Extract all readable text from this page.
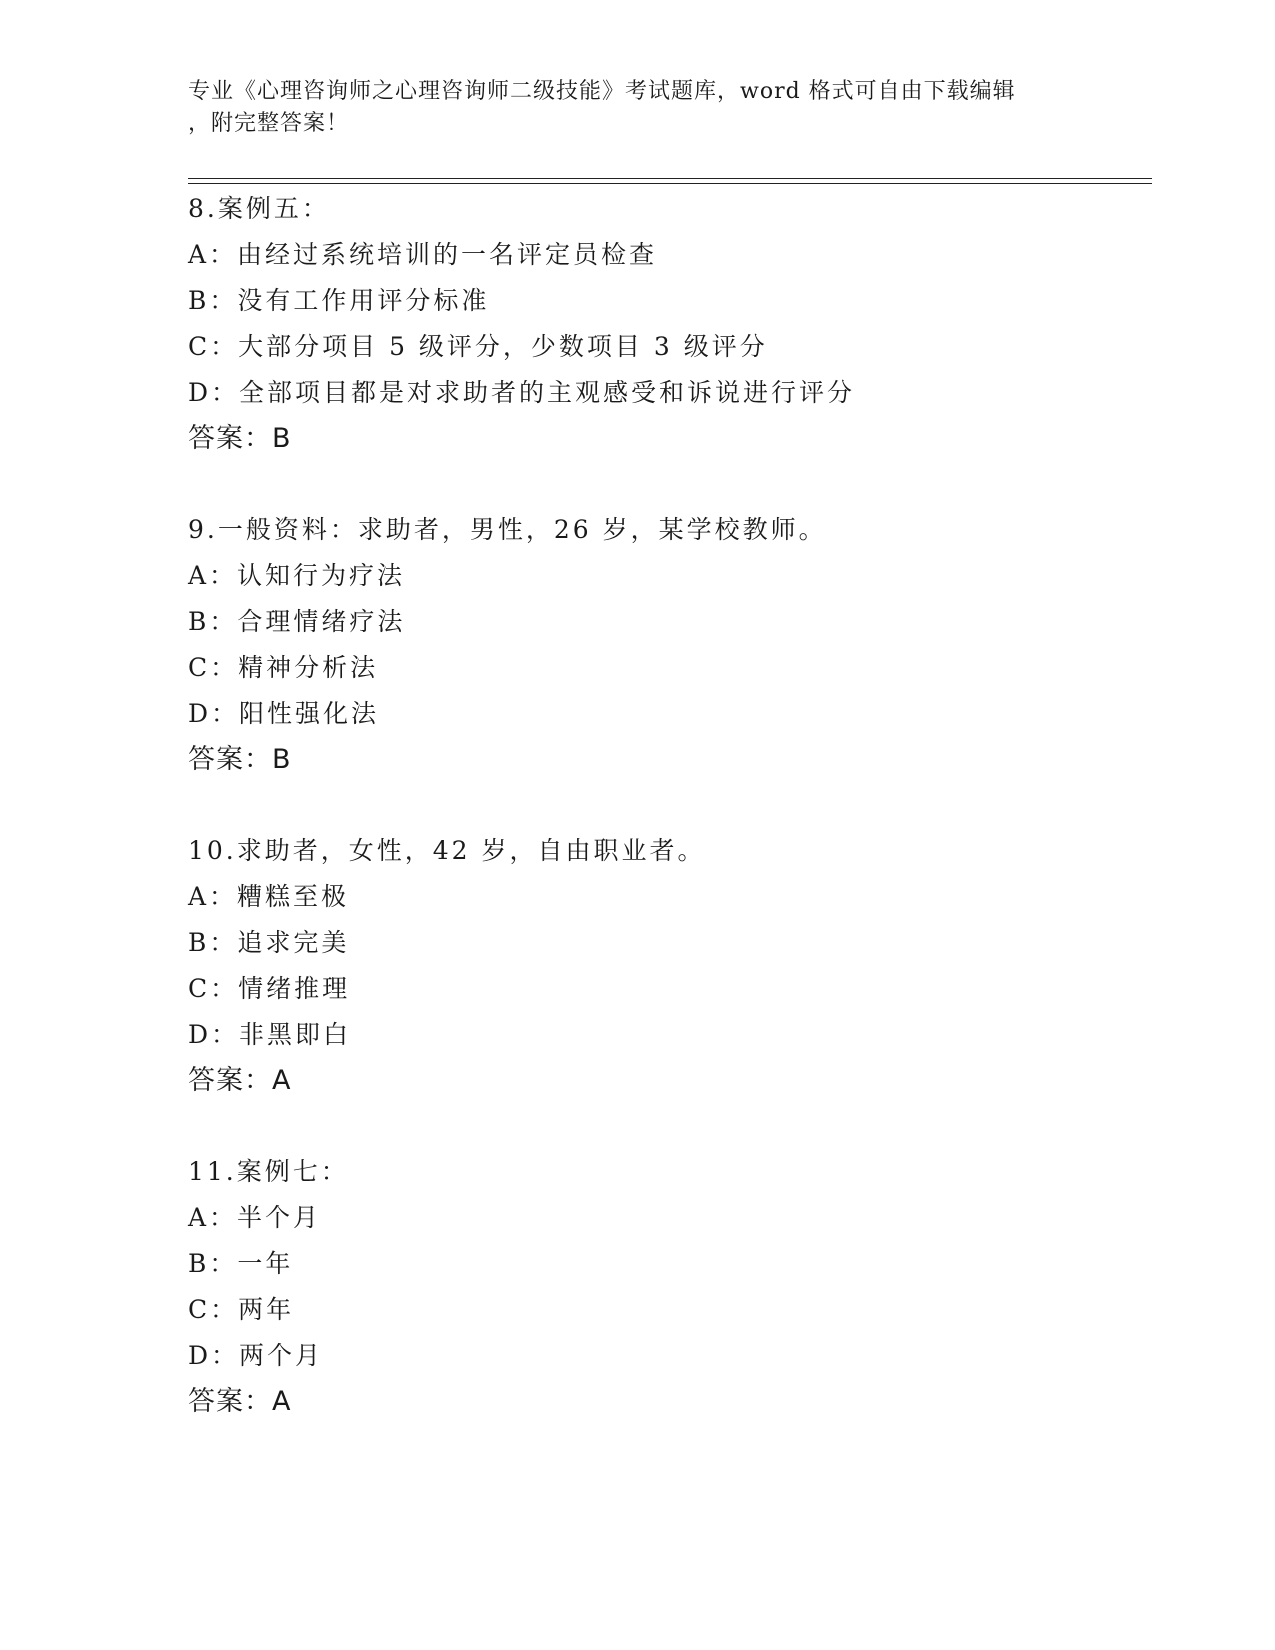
专业《心理咨询师之心理咨询师二级技能》考试题库，word 格式可自由下载编辑
，附完整答案！
8.案例五：
A：由经过系统培训的一名评定员检查
B：没有工作用评分标准
C：大部分项目 5 级评分，少数项目 3 级评分
D：全部项目都是对求助者的主观感受和诉说进行评分
答案：B
9.一般资料：求助者，男性，26 岁，某学校教师。
A：认知行为疗法
B：合理情绪疗法
C：精神分析法
D：阳性强化法
答案：B
10.求助者，女性，42 岁，自由职业者。
A：糟糕至极
B：追求完美
C：情绪推理
D：非黑即白
答案：A
11.案例七：
A：半个月
B：一年
C：两年
D：两个月
答案：A
